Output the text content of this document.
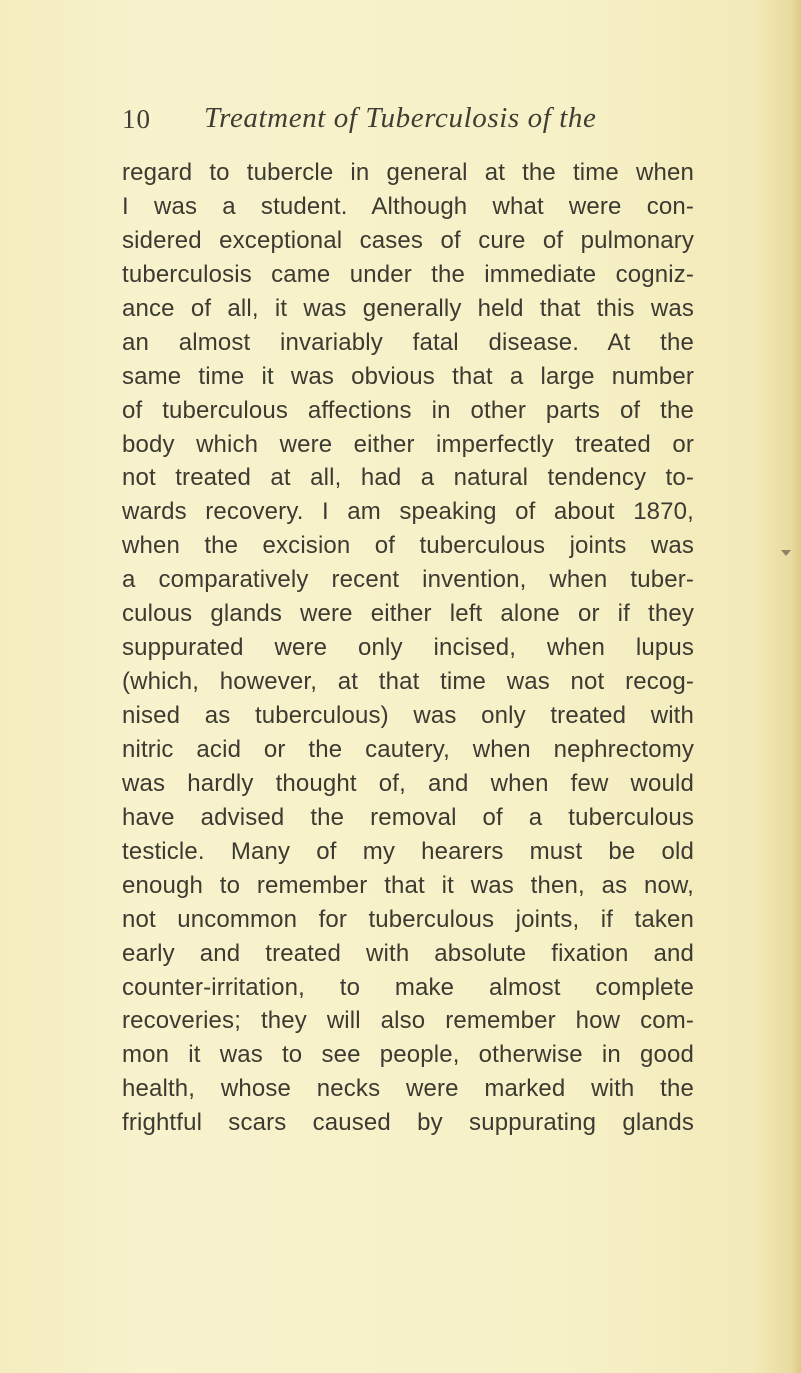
10 Treatment of Tuberculosis of the
regard to tubercle in general at the time when
I was a student. Although what were con-
sidered exceptional cases of cure of pulmonary
tuberculosis came under the immediate cogniz-
ance of all, it was generally held that this was
an almost invariably fatal disease. At the
same time it was obvious that a large number
of tuberculous affections in other parts of the
body which were either imperfectly treated or
not treated at all, had a natural tendency to-
wards recovery. I am speaking of about 1870,
when the excision of tuberculous joints was
a comparatively recent invention, when tuber-
culous glands were either left alone or if they
suppurated were only incised, when lupus
(which, however, at that time was not recog-
nised as tuberculous) was only treated with
nitric acid or the cautery, when nephrectomy
was hardly thought of, and when few would
have advised the removal of a tuberculous
testicle. Many of my hearers must be old
enough to remember that it was then, as now,
not uncommon for tuberculous joints, if taken
early and treated with absolute fixation and
counter-irritation, to make almost complete
recoveries; they will also remember how com-
mon it was to see people, otherwise in good
health, whose necks were marked with the
frightful scars caused by suppurating glands
